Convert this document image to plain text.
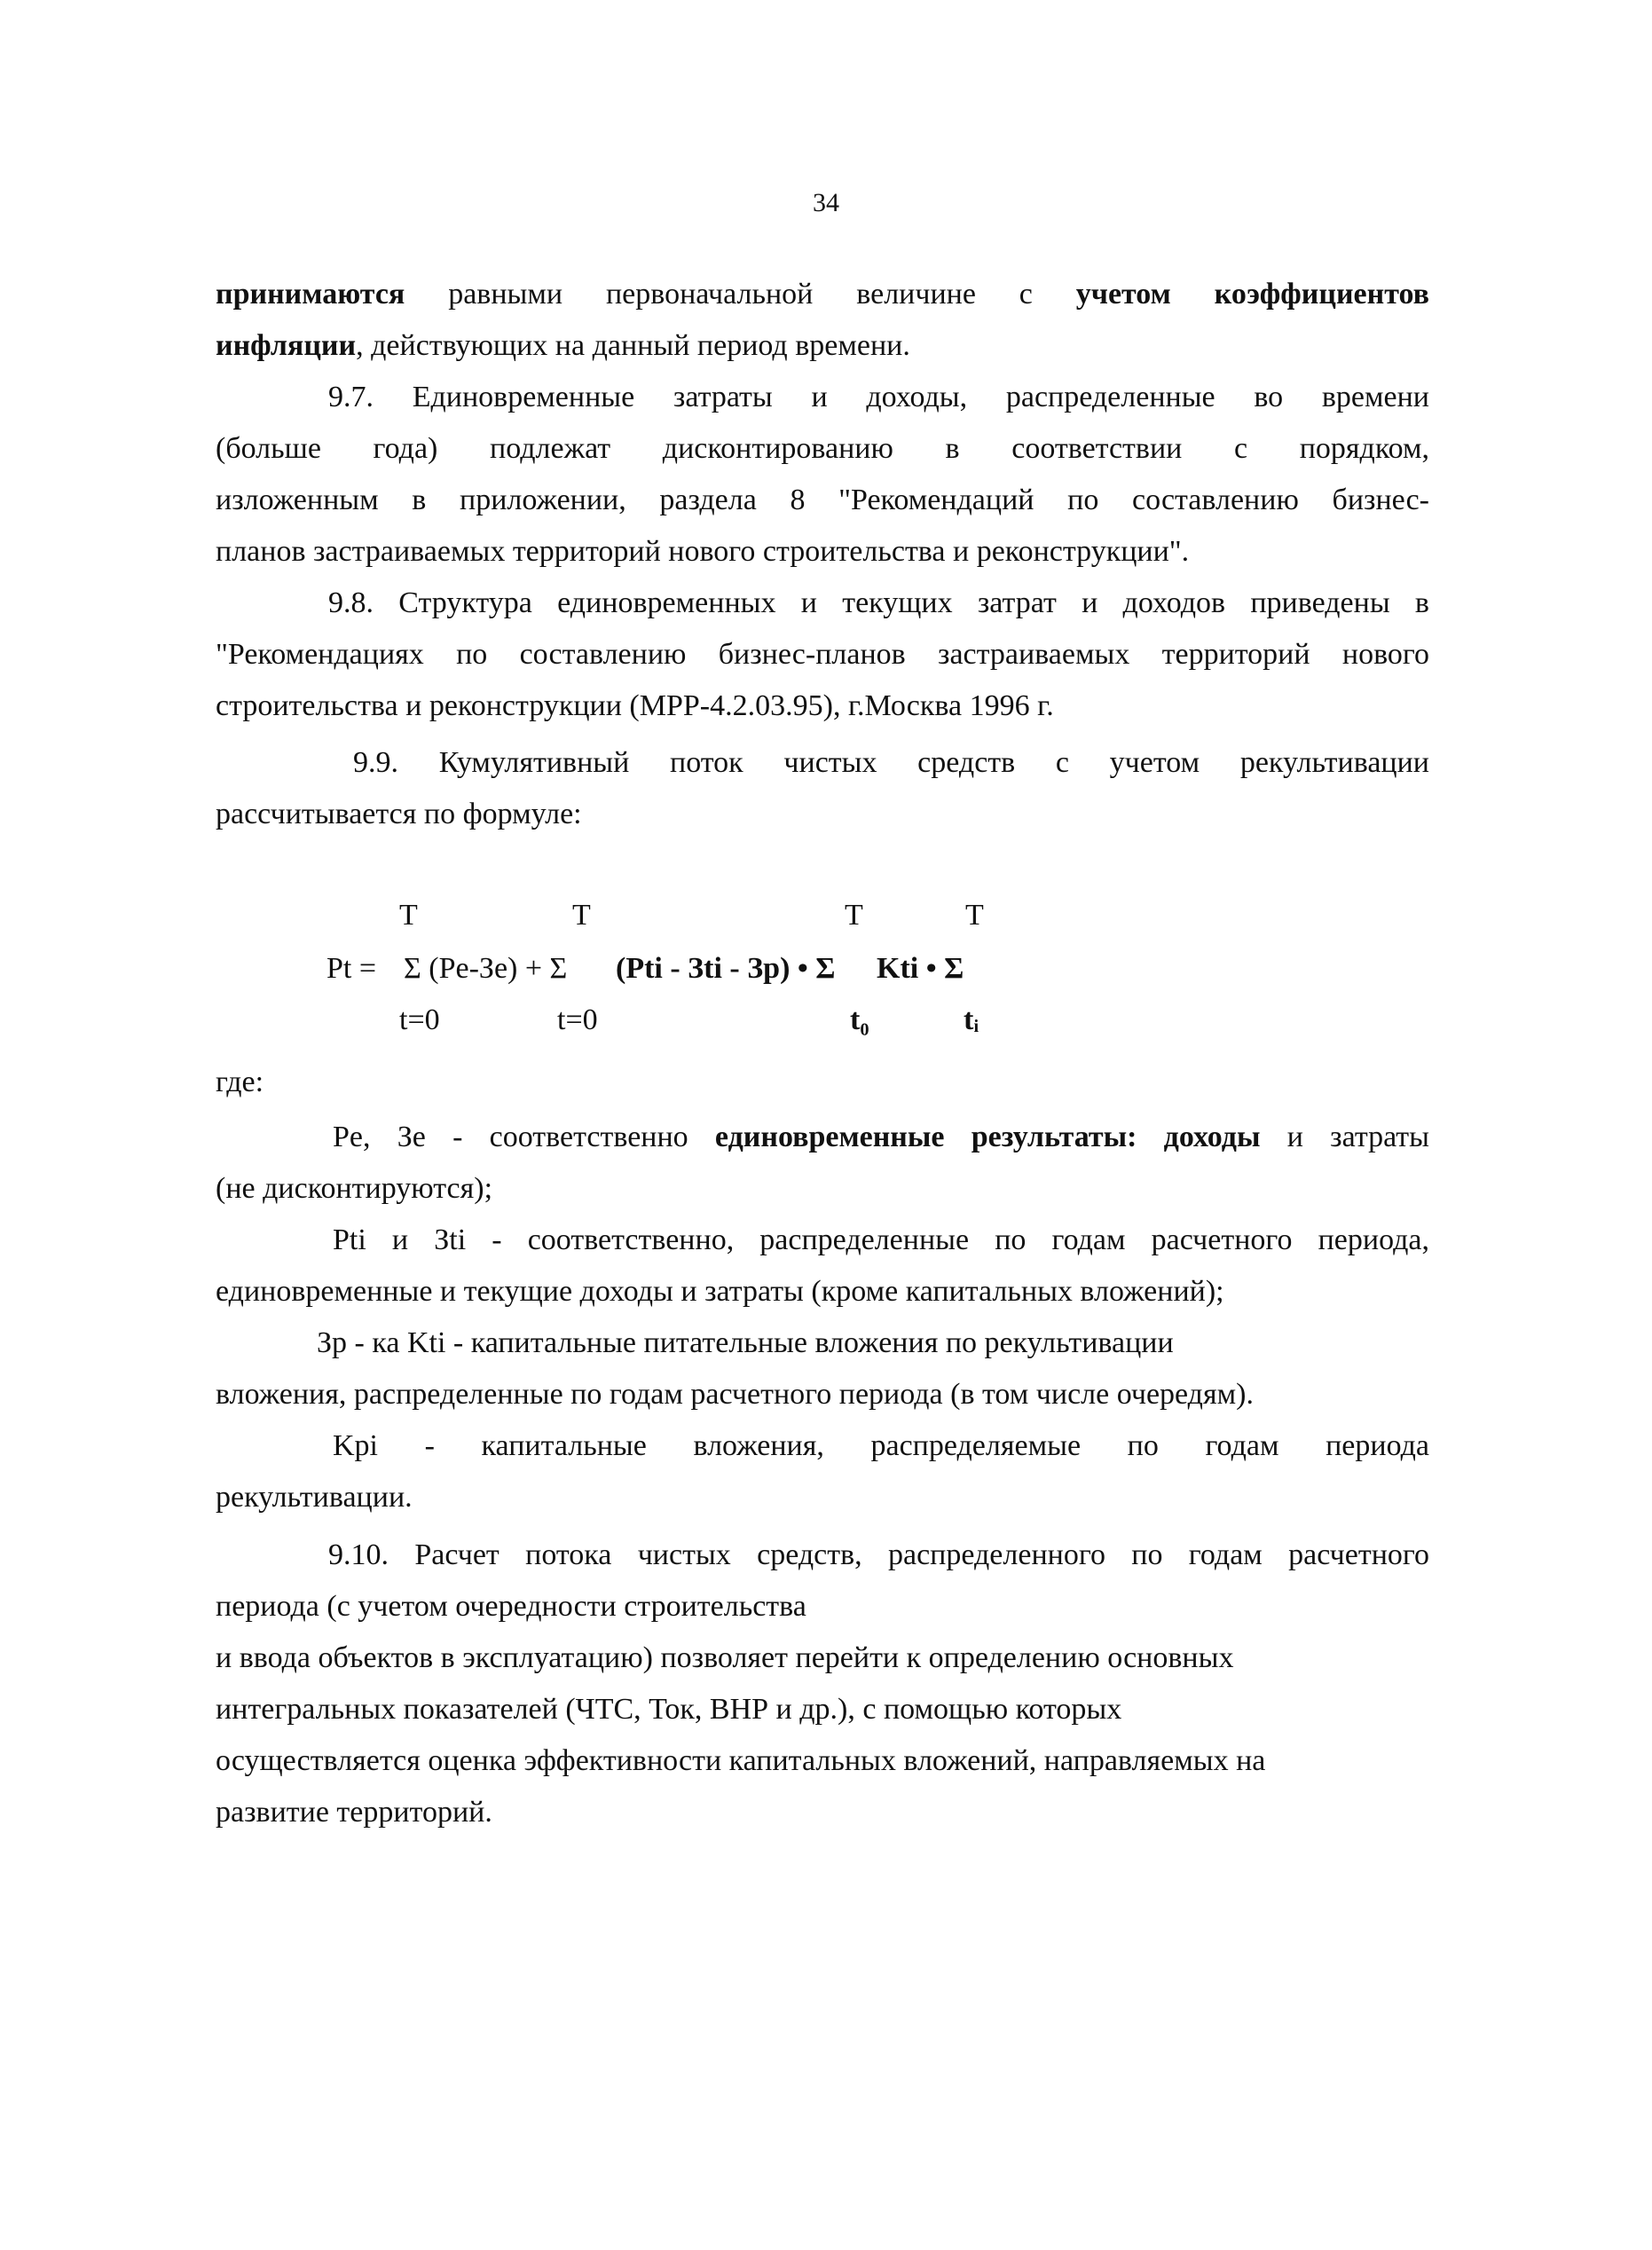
34
принимаются равными первоначальной величине с учетом коэффициентов
инфляции, действующих на данный период времени.
9.7. Единовременные затраты и доходы, распределенные во времени
(больше года) подлежат дисконтированию в соответствии с порядком,
изложенным в приложении, раздела 8 "Рекомендаций по составлению бизнес-
планов застраиваемых территорий нового строительства и реконструкции".
9.8. Структура единовременных и текущих затрат и доходов приведены в
"Рекомендациях по составлению бизнес-планов застраиваемых территорий нового
строительства и реконструкции (МРР-4.2.03.95), г.Москва 1996 г.
9.9. Кумулятивный поток чистых средств с учетом рекультивации
рассчитывается по формуле:
T	T	T	T
Pt = Σ (Pe-Зе) + Σ (Pti - Зti - Зр) • Σ Kti • Σ
t=0	t=0	t₀	tᵢ
где:
Pe, Зе - соответственно единовременные результаты: доходы и затраты
(не дисконтируются);
Pti и Зti - соответственно, распределенные по годам расчетного периода,
единовременные и текущие доходы и затраты (кроме капитальных вложений);
Зр - ка Kti - капитальные питательные вложения по рекультивации
вложения, распределенные по годам расчетного периода (в том числе очередям).
Kpi - капитальные вложения, распределяемые по годам периода
рекультивации.
9.10. Расчет потока чистых средств, распределенного по годам расчетного
периода (с учетом очередности строительства
и ввода объектов в эксплуатацию) позволяет перейти к определению основных
интегральных показателей (ЧТС, Ток, ВНР и др.), с помощью которых
осуществляется оценка эффективности капитальных вложений, направляемых на
развитие территорий.
